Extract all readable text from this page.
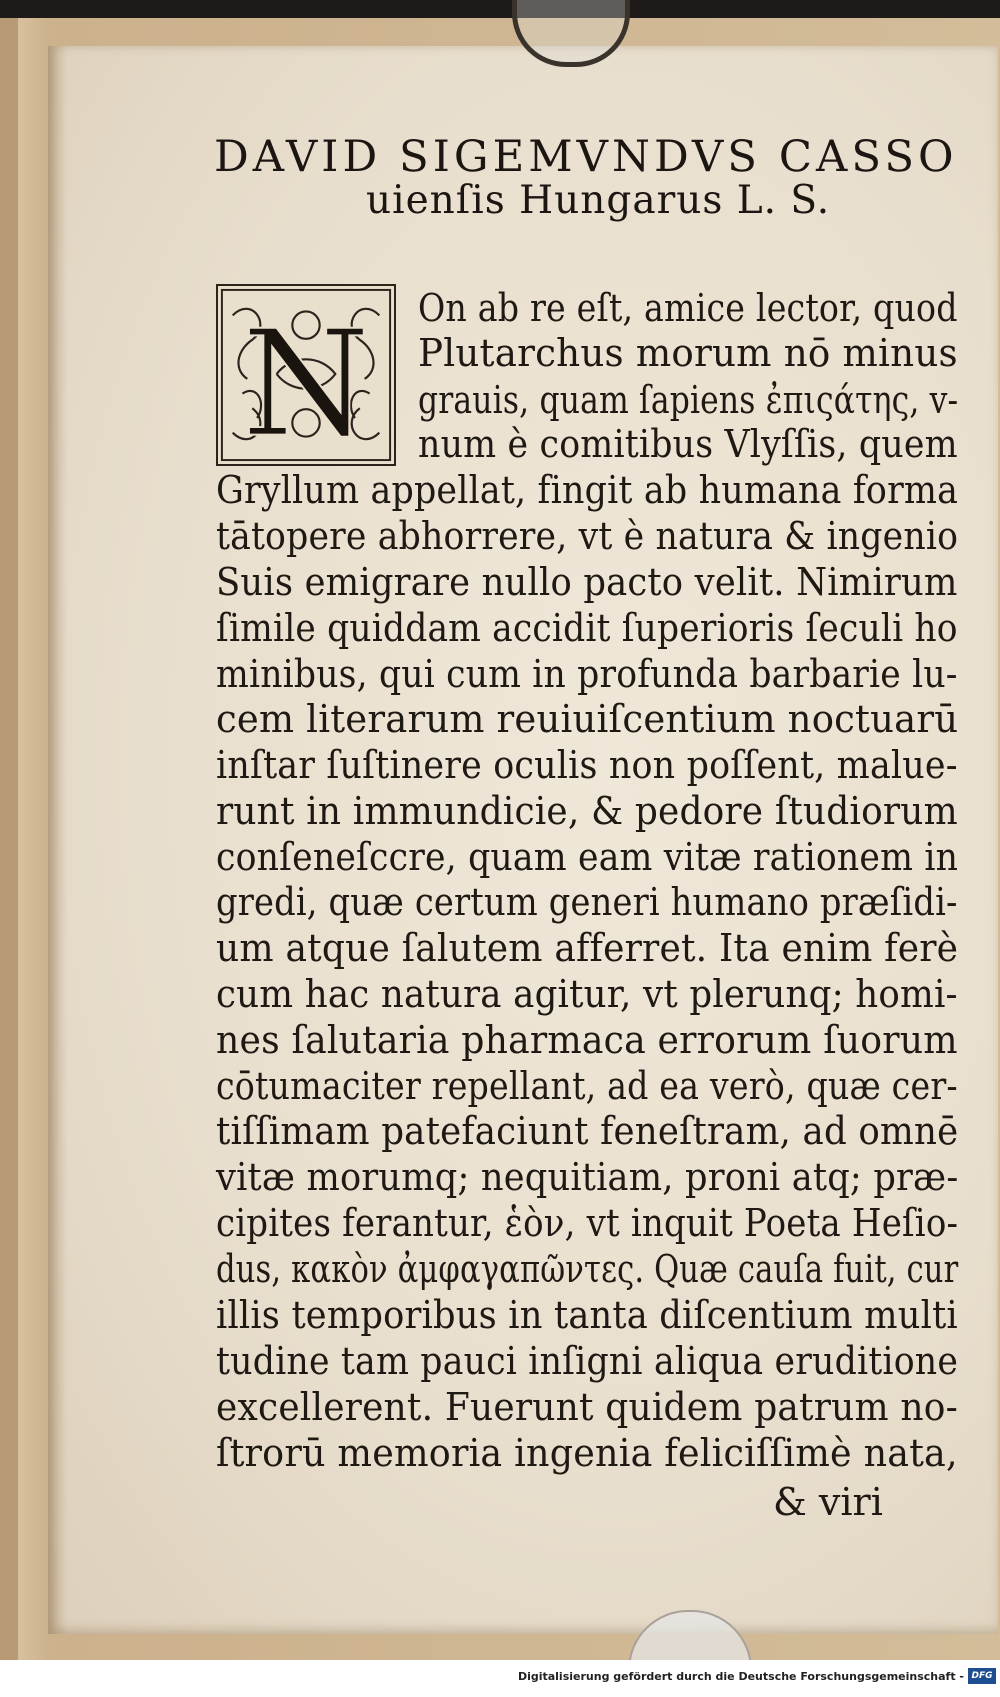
DAVID SIGEMVNDVS CASSO
uienſis Hungarus L. S.
N On ab re eſt, amice lector, quod
Plutarchus morum nō minus
grauis, quam ſapiens ἐπιςάτης, v-
num è comitibus Vlyſſis, quem
Gryllum appellat, fingit ab humana forma
tātopere abhorrere, vt è natura & ingenio
Suis emigrare nullo pacto velit. Nimirum
ſimile quiddam accidit ſuperioris ſeculi ho
minibus, qui cum in profunda barbarie lu-
cem literarum reuiuiſcentium noctuarū
inſtar ſuſtinere oculis non poſſent, malue-
runt in immundicie, & pedore ſtudiorum
conſeneſccre, quam eam vitæ rationem in
gredi, quæ certum generi humano præſidi-
um atque ſalutem afferret. Ita enim ferè
cum hac natura agitur, vt plerunq; homi-
nes ſalutaria pharmaca errorum ſuorum
cōtumaciter repellant, ad ea verò, quæ cer-
tiſſimam patefaciunt feneſtram, ad omnē
vitæ morumq; nequitiam, proni atq; præ-
cipites ferantur, ἑὸν, vt inquit Poeta Heſio-
dus, κακὸν ἀμφαγαπῶντες. Quæ cauſa fuit, cur
illis temporibus in tanta diſcentium multi
tudine tam pauci inſigni aliqua eruditione
excellerent. Fuerunt quidem patrum no-
ſtrorū memoria ingenia feliciſſimè nata,
& viri
Digitalisierung gefördert durch die Deutsche Forschungsgemeinschaft - DFG
